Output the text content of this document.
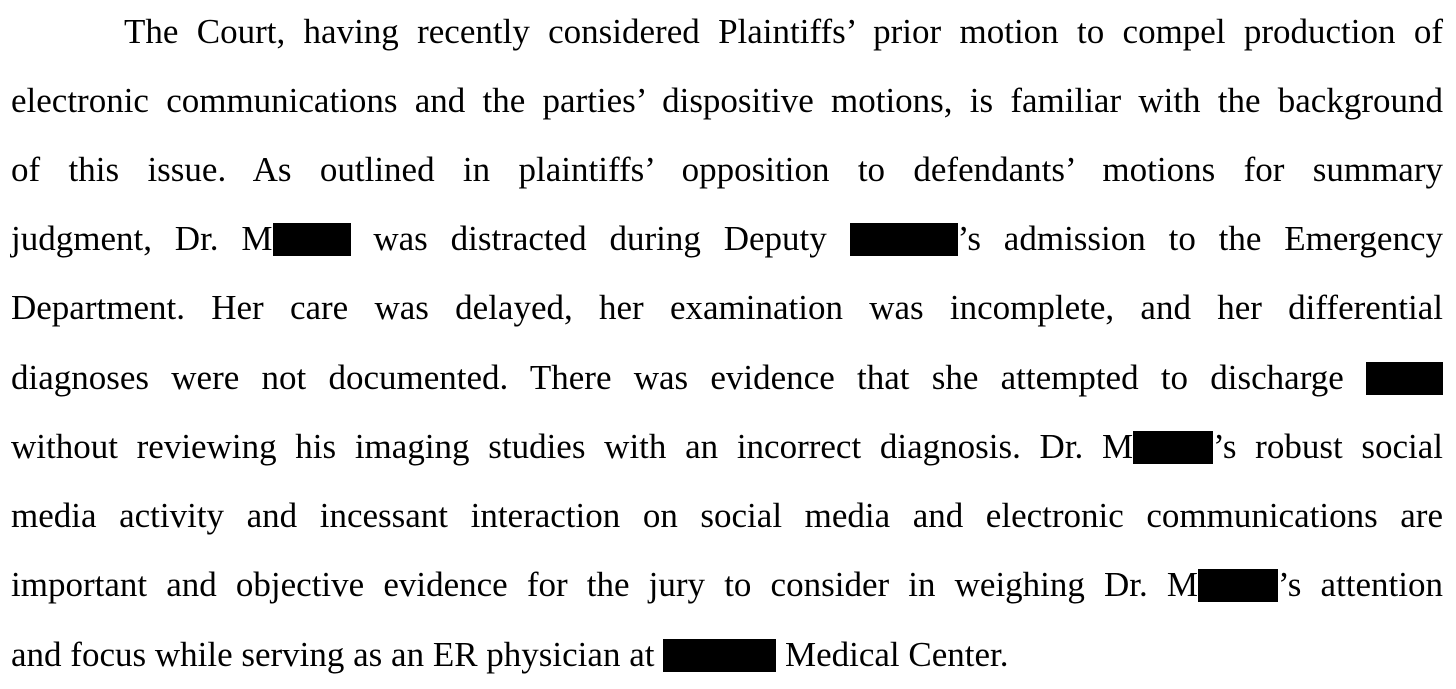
The Court, having recently considered Plaintiffs’ prior motion to compel production of
electronic communications and the parties’ dispositive motions, is familiar with the background
of this issue. As outlined in plaintiffs’ opposition to defendants’ motions for summary
judgment, Dr. M was distracted during Deputy	’s admission to the Emergency
Department. Her care was delayed, her examination was incomplete, and her differential
diagnoses were not documented. There was evidence that she attempted to discharge
without reviewing his imaging studies with an incorrect diagnosis. Dr. M ’s robust social
media activity and incessant interaction on social media and electronic communications are
important and objective evidence for the jury to consider in weighing Dr. M ’s attention
and focus while serving as an ER physician at	Medical Center.
